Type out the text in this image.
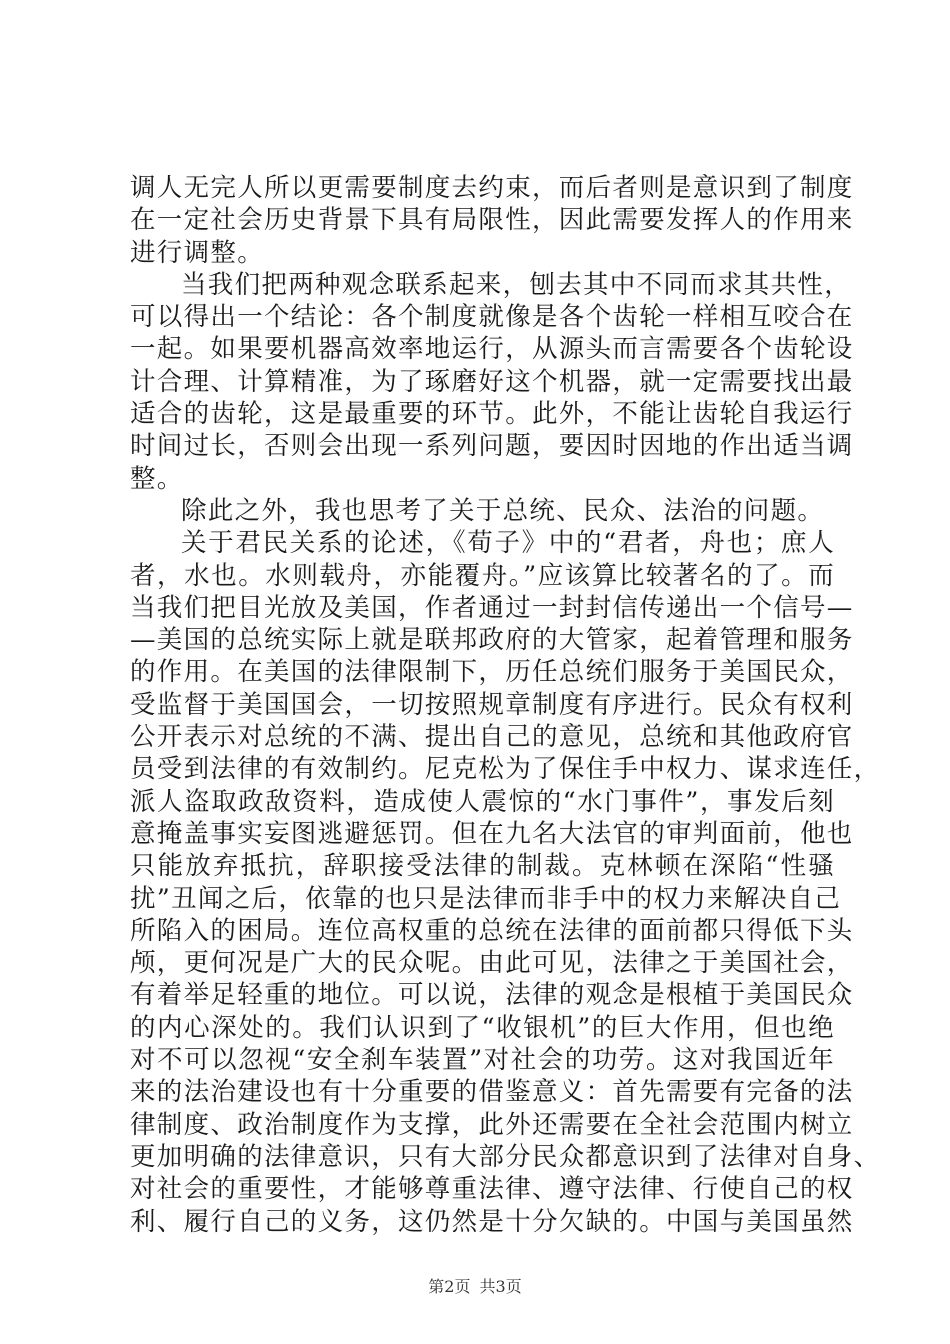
调人无完人所以更需要制度去约束，而后者则是意识到了制度
在一定社会历史背景下具有局限性，因此需要发挥人的作用来
进行调整。
当我们把两种观念联系起来，刨去其中不同而求其共性，
可以得出一个结论：各个制度就像是各个齿轮一样相互咬合在
一起。如果要机器高效率地运行，从源头而言需要各个齿轮设
计合理、计算精准，为了琢磨好这个机器，就一定需要找出最
适合的齿轮，这是最重要的环节。此外，不能让齿轮自我运行
时间过长，否则会出现一系列问题，要因时因地的作出适当调
整。
除此之外，我也思考了关于总统、民众、法治的问题。
关于君民关系的论述，《荀子》中的“君者，舟也；庶人
者，水也。水则载舟，亦能覆舟。”应该算比较著名的了。而
当我们把目光放及美国，作者通过一封封信传递出一个信号—
—美国的总统实际上就是联邦政府的大管家，起着管理和服务
的作用。在美国的法律限制下，历任总统们服务于美国民众，
受监督于美国国会，一切按照规章制度有序进行。民众有权利
公开表示对总统的不满、提出自己的意见，总统和其他政府官
员受到法律的有效制约。尼克松为了保住手中权力、谋求连任，
派人盗取政敌资料，造成使人震惊的“水门事件”，事发后刻
意掩盖事实妄图逃避惩罚。但在九名大法官的审判面前，他也
只能放弃抵抗，辞职接受法律的制裁。克林顿在深陷“性骚
扰”丑闻之后，依靠的也只是法律而非手中的权力来解决自己
所陷入的困局。连位高权重的总统在法律的面前都只得低下头
颅，更何况是广大的民众呢。由此可见，法律之于美国社会，
有着举足轻重的地位。可以说，法律的观念是根植于美国民众
的内心深处的。我们认识到了“收银机”的巨大作用，但也绝
对不可以忽视“安全刹车装置”对社会的功劳。这对我国近年
来的法治建设也有十分重要的借鉴意义：首先需要有完备的法
律制度、政治制度作为支撑，此外还需要在全社会范围内树立
更加明确的法律意识，只有大部分民众都意识到了法律对自身、
对社会的重要性，才能够尊重法律、遵守法律、行使自己的权
利、履行自己的义务，这仍然是十分欠缺的。中国与美国虽然
第2页 共3页
